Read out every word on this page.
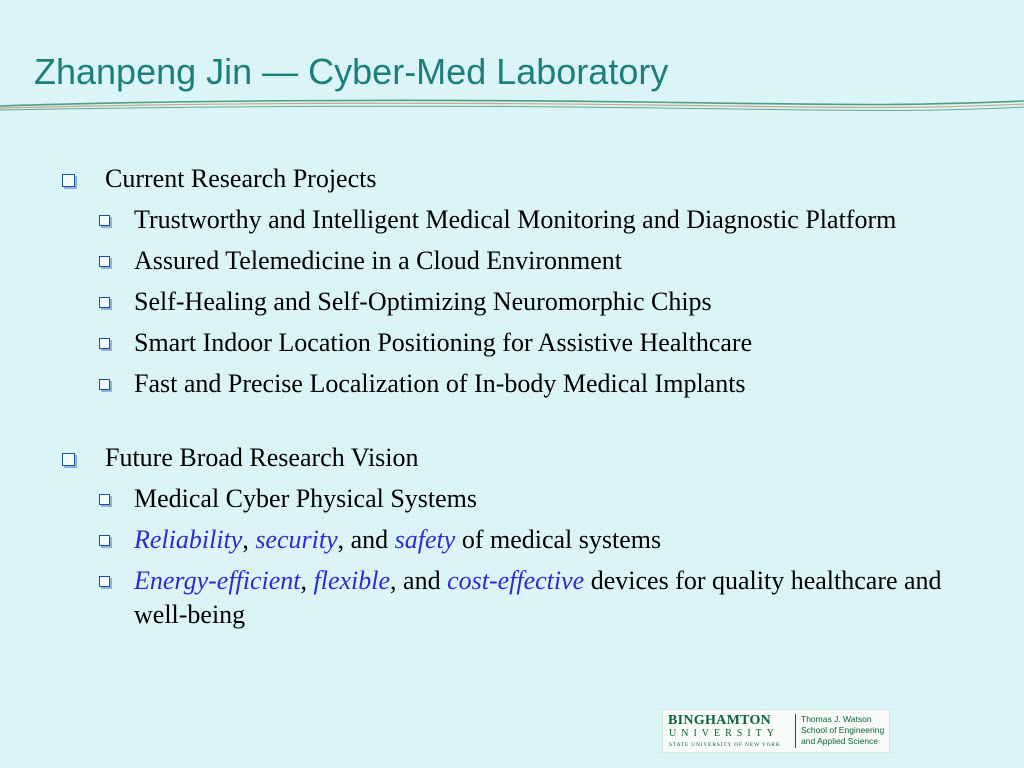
Zhanpeng Jin — Cyber-Med Laboratory
Current Research Projects
Trustworthy and Intelligent Medical Monitoring and Diagnostic Platform
Assured Telemedicine in a Cloud Environment
Self-Healing and Self-Optimizing Neuromorphic Chips
Smart Indoor Location Positioning for Assistive Healthcare
Fast and Precise Localization of In-body Medical Implants
Future Broad Research Vision
Medical Cyber Physical Systems
Reliability, security, and safety of medical systems
Energy-efficient, flexible, and cost-effective devices for quality healthcare and well-being
BINGHAMTON
UNIVERSITY
STATE UNIVERSITY OF NEW YORK
Thomas J. Watson
School of Engineering
and Applied Science
